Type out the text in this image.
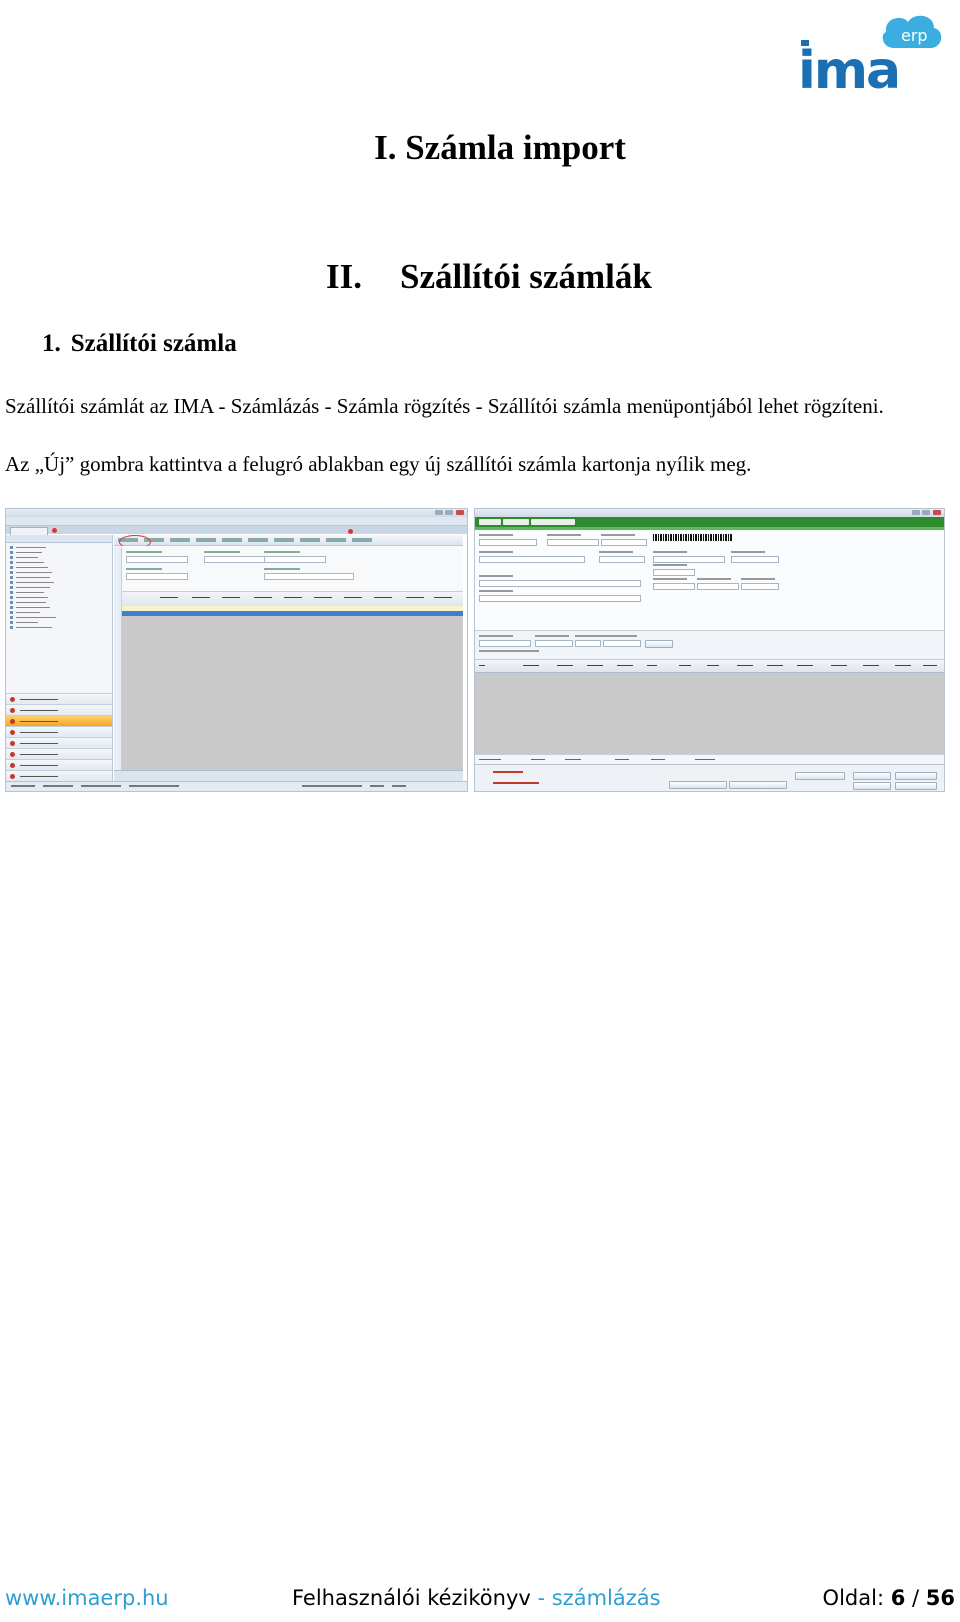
erp
ima
I. Számla import
II. Szállítói számlák
1. Szállítói számla
Szállítói számlát az IMA - Számlázás - Számla rögzítés - Szállítói számla menüpontjából lehet rögzíteni.
Az „Új” gombra kattintva a felugró ablakban egy új szállítói számla kartonja nyílik meg.
www.imaerp.hu	Felhasználói kézikönyv - számlázás	Oldal: 6 / 56
